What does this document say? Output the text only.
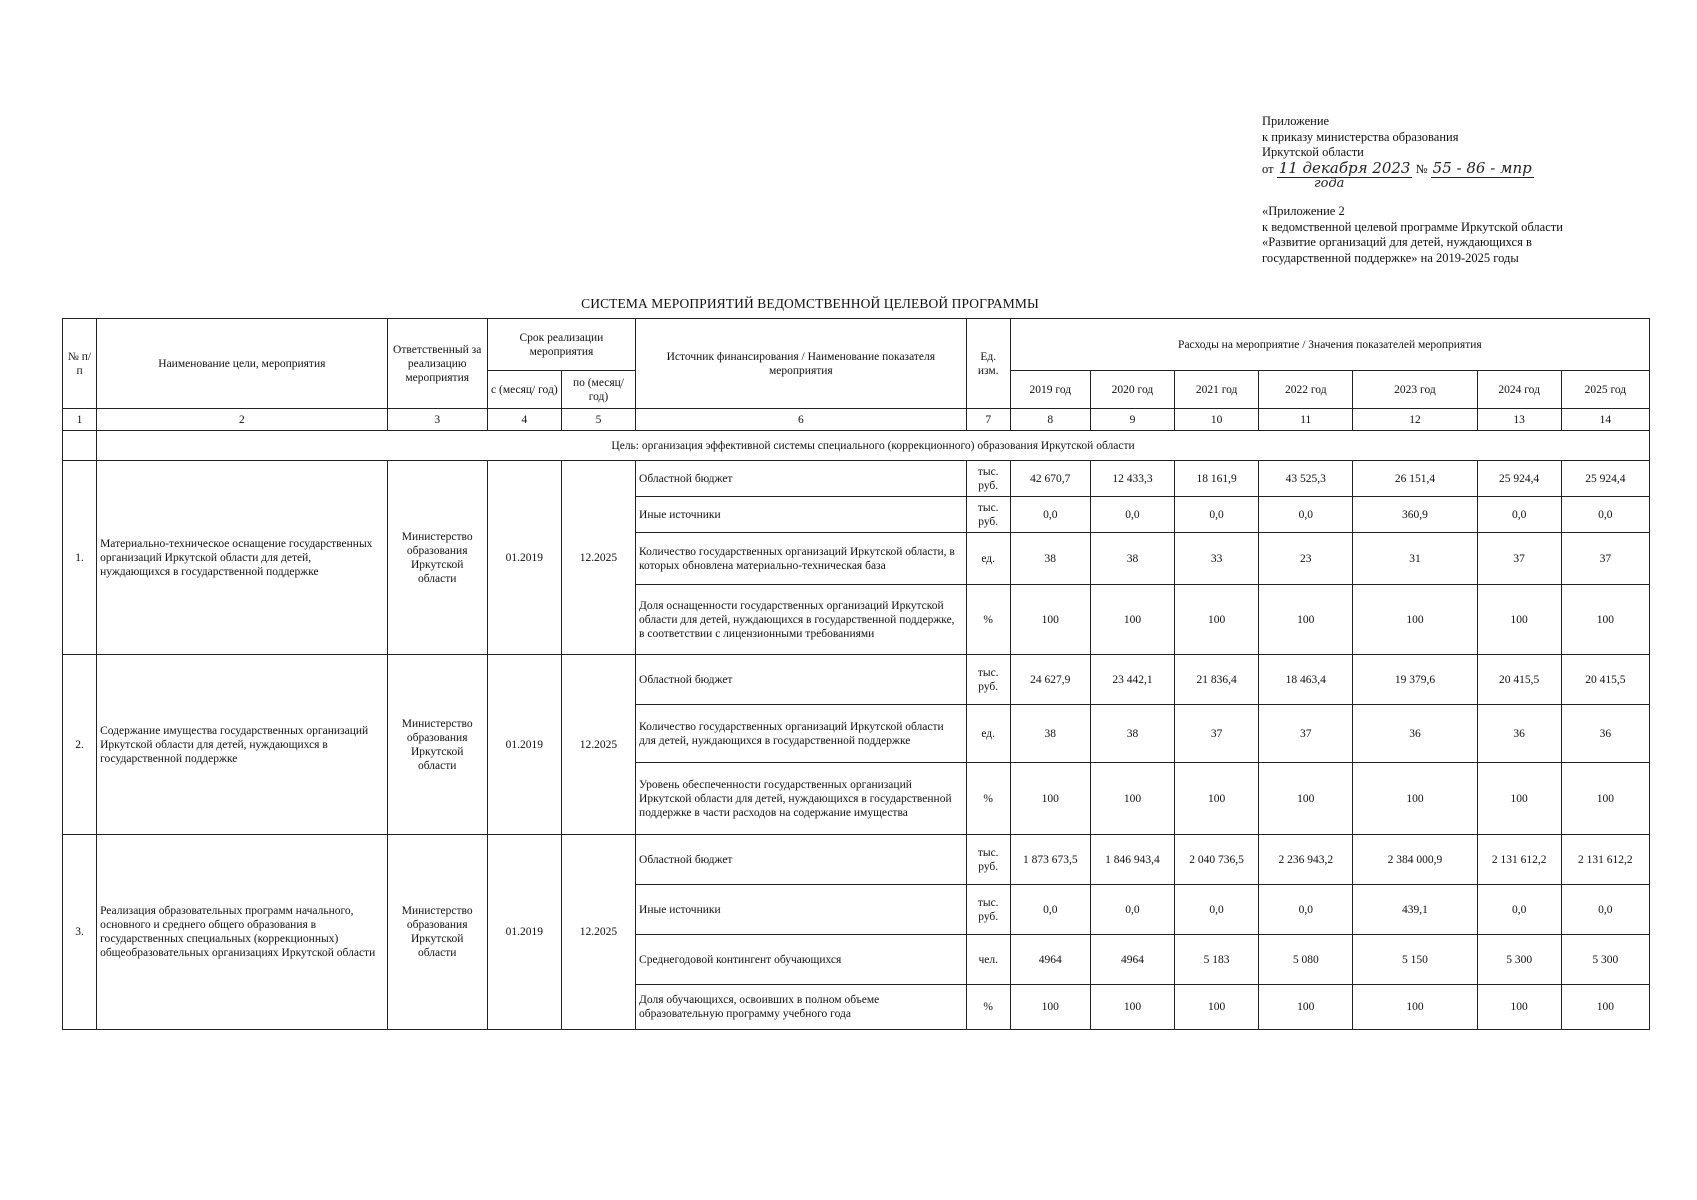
Приложение
к приказу министерства образования
Иркутской области
от 11 декабря 2023 № 55 - 86 - мпр
года
«Приложение 2
к ведомственной целевой программе Иркутской области
«Развитие организаций для детей, нуждающихся в
государственной поддержке» на 2019-2025 годы
СИСТЕМА МЕРОПРИЯТИЙ ВЕДОМСТВЕННОЙ ЦЕЛЕВОЙ ПРОГРАММЫ
№ п/п	Наименование цели, мероприятия	Ответственный за реализацию мероприятия	Срок реализации мероприятия		Источник финансирования / Наименование показателя мероприятия	Ед. изм.	Расходы на мероприятие / Значения показателей мероприятия						
			с (месяц/ год)	по (месяц/ год)			2019 год	2020 год	2021 год	2022 год	2023 год	2024 год	2025 год
1	2	3	4	5	6	7	8	9	10	11	12	13	14
	Цель: организация эффективной системы специального (коррекционного) образования Иркутской области												
1.	Материально-техническое оснащение государственных организаций Иркутской области для детей, нуждающихся в государственной поддержке	Министерство образования Иркутской области	01.2019	12.2025	Областной бюджет	тыс. руб.	42 670,7	12 433,3	18 161,9	43 525,3	26 151,4	25 924,4	25 924,4
					Иные источники	тыс. руб.	0,0	0,0	0,0	0,0	360,9	0,0	0,0
					Количество государственных организаций Иркутской области, в которых обновлена материально-техническая база	ед.	38	38	33	23	31	37	37
					Доля оснащенности государственных организаций Иркутской области для детей, нуждающихся в государственной поддержке, в соответствии с лицензионными требованиями	%	100	100	100	100	100	100	100
2.	Содержание имущества государственных организаций Иркутской области для детей, нуждающихся в государственной поддержке	Министерство образования Иркутской области	01.2019	12.2025	Областной бюджет	тыс. руб.	24 627,9	23 442,1	21 836,4	18 463,4	19 379,6	20 415,5	20 415,5
					Количество государственных организаций Иркутской области для детей, нуждающихся в государственной поддержке	ед.	38	38	37	37	36	36	36
					Уровень обеспеченности государственных организаций Иркутской области для детей, нуждающихся в государственной поддержке в части расходов на содержание имущества	%	100	100	100	100	100	100	100
3.	Реализация образовательных программ начального, основного и среднего общего образования в государственных специальных (коррекционных) общеобразовательных организациях Иркутской области	Министерство образования Иркутской области	01.2019	12.2025	Областной бюджет	тыс. руб.	1 873 673,5	1 846 943,4	2 040 736,5	2 236 943,2	2 384 000,9	2 131 612,2	2 131 612,2
					Иные источники	тыс. руб.	0,0	0,0	0,0	0,0	439,1	0,0	0,0
					Среднегодовой контингент обучающихся	чел.	4964	4964	5 183	5 080	5 150	5 300	5 300
					Доля обучающихся, освоивших в полном объеме образовательную программу учебного года	%	100	100	100	100	100	100	100
